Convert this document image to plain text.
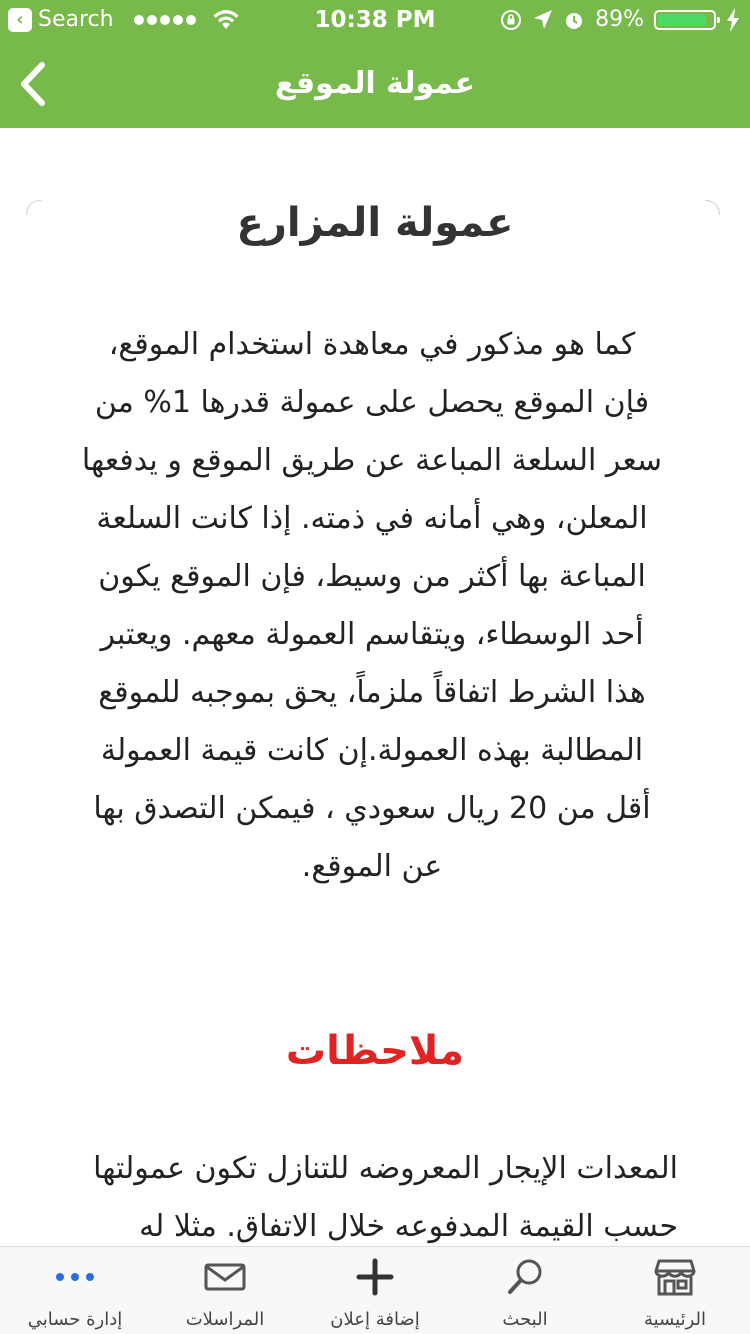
‹ Search	10:38 PM	89%
عمولة الموقع
عمولة المزارع
كما هو مذكور في معاهدة استخدام الموقع،
فإن الموقع يحصل على عمولة قدرها 1% من
سعر السلعة المباعة عن طريق الموقع و يدفعها
المعلن، وهي أمانه في ذمته. إذا كانت السلعة
المباعة بها أكثر من وسيط، فإن الموقع يكون
أحد الوسطاء، ويتقاسم العمولة معهم. ويعتبر
هذا الشرط اتفاقاً ملزماً، يحق بموجبه للموقع
المطالبة بهذه العمولة.إن كانت قيمة العمولة
أقل من 20 ريال سعودي ، فيمكن التصدق بها
عن الموقع.
ملاحظات
المعدات الإيجار المعروضه للتنازل تكون عمولتها
حسب القيمة المدفوعه خلال الاتفاق. مثلا له
إدارة حسابي	المراسلات	إضافة إعلان	البحث	الرئيسية
